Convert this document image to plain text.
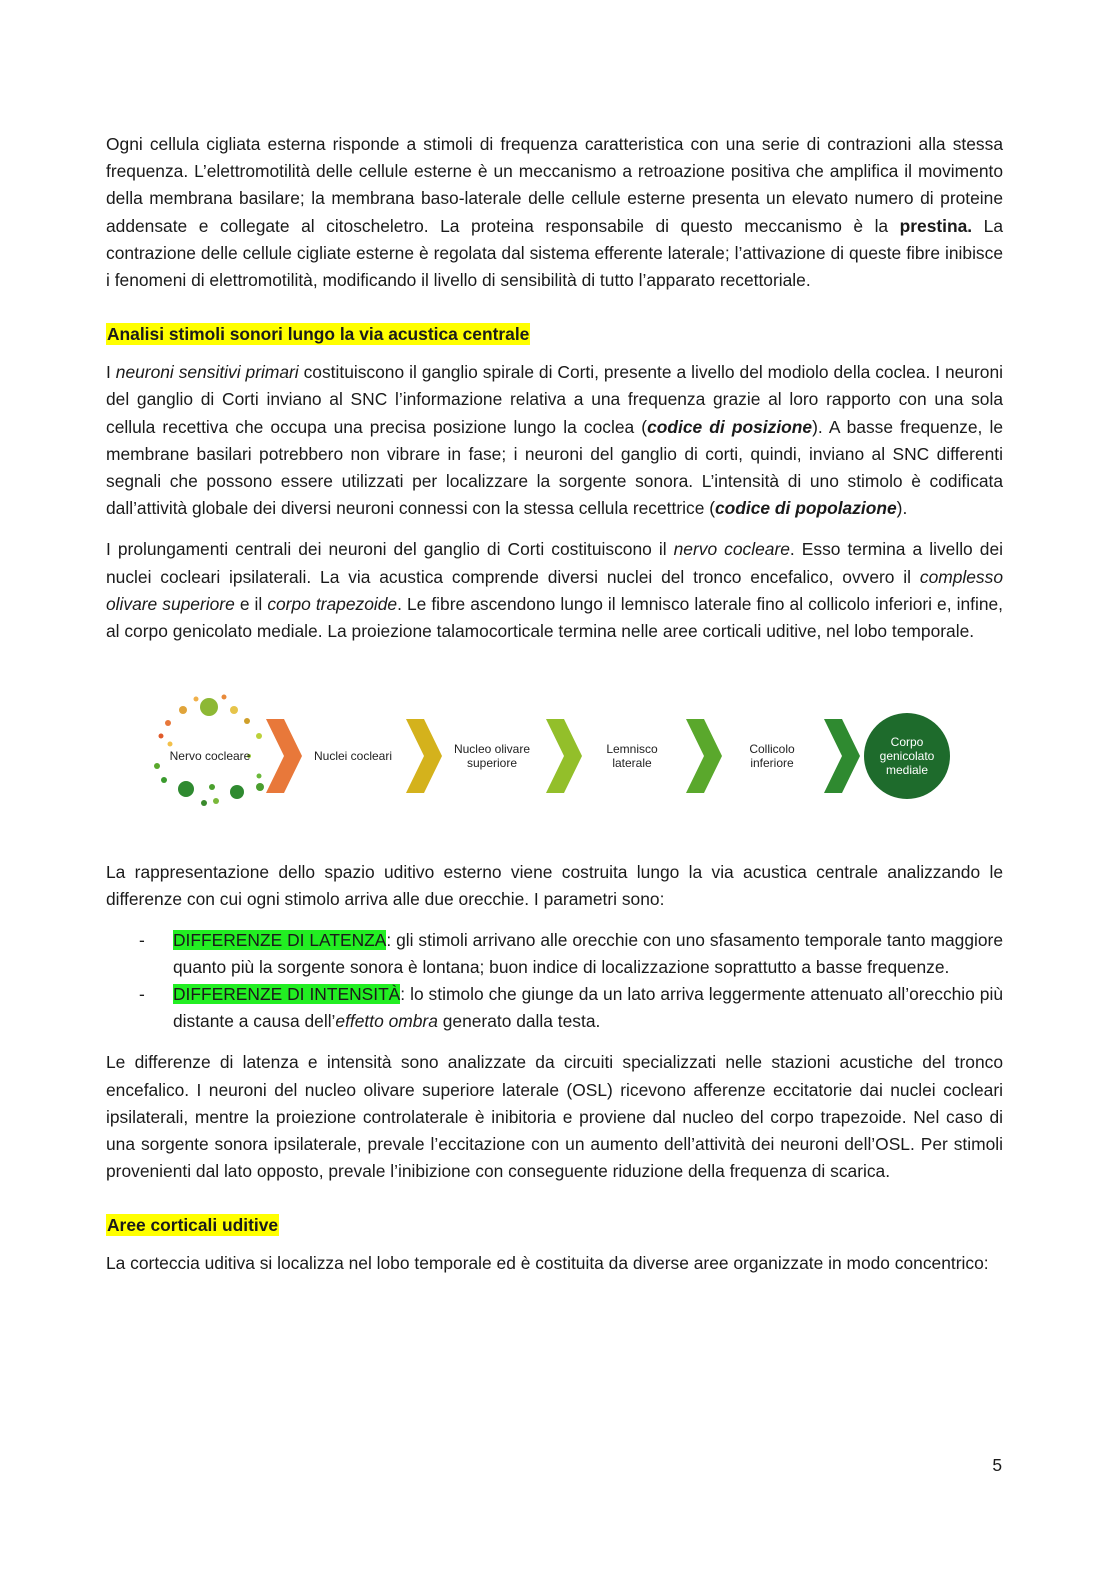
Ogni cellula cigliata esterna risponde a stimoli di frequenza caratteristica con una serie di contrazioni alla stessa frequenza. L’elettromotilità delle cellule esterne è un meccanismo a retroazione positiva che amplifica il movimento della membrana basilare; la membrana baso-laterale delle cellule esterne presenta un elevato numero di proteine addensate e collegate al citoscheletro. La proteina responsabile di questo meccanismo è la prestina. La contrazione delle cellule cigliate esterne è regolata dal sistema efferente laterale; l’attivazione di queste fibre inibisce i fenomeni di elettromotilità, modificando il livello di sensibilità di tutto l’apparato recettoriale.

Analisi stimoli sonori lungo la via acustica centrale

I neuroni sensitivi primari costituiscono il ganglio spirale di Corti, presente a livello del modiolo della coclea. I neuroni del ganglio di Corti inviano al SNC l’informazione relativa a una frequenza grazie al loro rapporto con una sola cellula recettiva che occupa una precisa posizione lungo la coclea (codice di posizione). A basse frequenze, le membrane basilari potrebbero non vibrare in fase; i neuroni del ganglio di corti, quindi, inviano al SNC differenti segnali che possono essere utilizzati per localizzare la sorgente sonora. L’intensità di uno stimolo è codificata dall’attività globale dei diversi neuroni connessi con la stessa cellula recettrice (codice di popolazione).

I prolungamenti centrali dei neuroni del ganglio di Corti costituiscono il nervo cocleare. Esso termina a livello dei nuclei cocleari ipsilaterali. La via acustica comprende diversi nuclei del tronco encefalico, ovvero il complesso olivare superiore e il corpo trapezoide. Le fibre ascendono lungo il lemnisco laterale fino al collicolo inferiori e, infine, al corpo genicolato mediale. La proiezione talamocorticale termina nelle aree corticali uditive, nel lobo temporale.

Nervo cocleare	Nuclei cocleari	Nucleo olivare
superiore
Lemnisco
laterale
Collicolo
inferiore
Corpo
genicolato
mediale

La rappresentazione dello spazio uditivo esterno viene costruita lungo la via acustica centrale analizzando le differenze con cui ogni stimolo arriva alle due orecchie. I parametri sono:

- DIFFERENZE DI LATENZA: gli stimoli arrivano alle orecchie con uno sfasamento temporale tanto maggiore quanto più la sorgente sonora è lontana; buon indice di localizzazione soprattutto a basse frequenze.
- DIFFERENZE DI INTENSITÀ: lo stimolo che giunge da un lato arriva leggermente attenuato all’orecchio più distante a causa dell’effetto ombra generato dalla testa.

Le differenze di latenza e intensità sono analizzate da circuiti specializzati nelle stazioni acustiche del tronco encefalico. I neuroni del nucleo olivare superiore laterale (OSL) ricevono afferenze eccitatorie dai nuclei cocleari ipsilaterali, mentre la proiezione controlaterale è inibitoria e proviene dal nucleo del corpo trapezoide. Nel caso di una sorgente sonora ipsilaterale, prevale l’eccitazione con un aumento dell’attività dei neuroni dell’OSL. Per stimoli provenienti dal lato opposto, prevale l’inibizione con conseguente riduzione della frequenza di scarica.

Aree corticali uditive

La corteccia uditiva si localizza nel lobo temporale ed è costituita da diverse aree organizzate in modo concentrico:

5
